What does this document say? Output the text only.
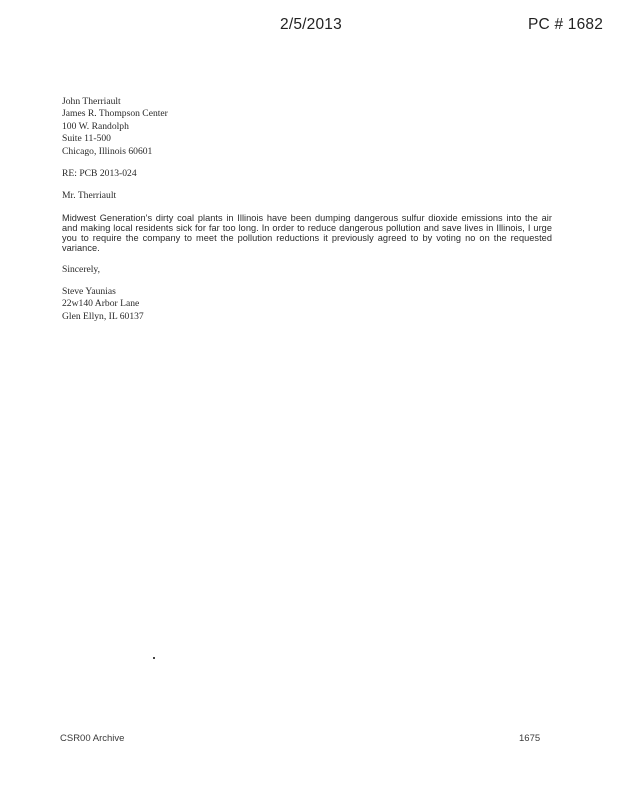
2/5/2013	PC # 1682
John Therriault
James R. Thompson Center
100 W. Randolph
Suite 11-500
Chicago, Illinois 60601
RE: PCB 2013-024
Mr. Therriault
Midwest Generation's dirty coal plants in Illinois have been dumping dangerous sulfur dioxide emissions into the air and making local residents sick for far too long. In order to reduce dangerous pollution and save lives in Illinois, I urge you to require the company to meet the pollution reductions it previously agreed to by voting no on the requested variance.
Sincerely,
Steve Yaunias
22w140 Arbor Lane
Glen Ellyn, IL 60137
CSR00 Archive	1675
